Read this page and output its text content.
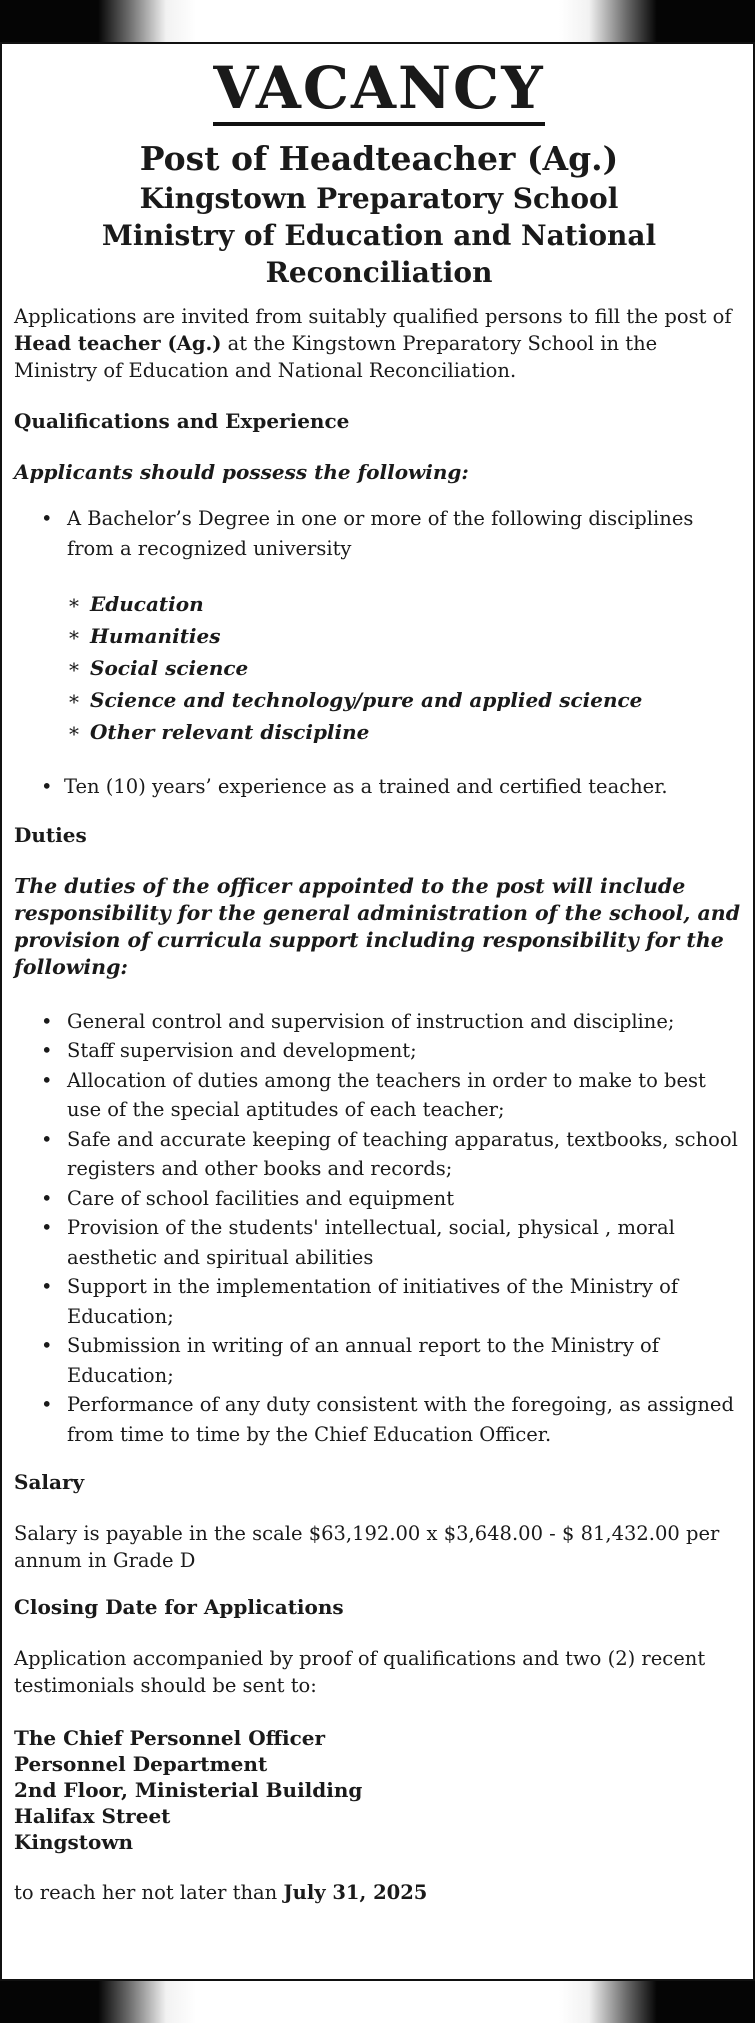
VACANCY
Post of Headteacher (Ag.)
Kingstown Preparatory School
Ministry of Education and National
Reconciliation

Applications are invited from suitably qualified persons to fill the post of Head teacher (Ag.) at the Kingstown Preparatory School in the Ministry of Education and National Reconciliation.

Qualifications and Experience

Applicants should possess the following:

• A Bachelor’s Degree in one or more of the following disciplines from a recognized university
* Education
* Humanities
* Social science
* Science and technology/pure and applied science
* Other relevant discipline
• Ten (10) years’ experience as a trained and certified teacher.

Duties

The duties of the officer appointed to the post will include responsibility for the general administration of the school, and provision of curricula support including responsibility for the following:

• General control and supervision of instruction and discipline;
• Staff supervision and development;
• Allocation of duties among the teachers in order to make to best use of the special aptitudes of each teacher;
• Safe and accurate keeping of teaching apparatus, textbooks, school registers and other books and records;
• Care of school facilities and equipment
• Provision of the students' intellectual, social, physical , moral aesthetic and spiritual abilities
• Support in the implementation of initiatives of the Ministry of Education;
• Submission in writing of an annual report to the Ministry of Education;
• Performance of any duty consistent with the foregoing, as assigned from time to time by the Chief Education Officer.

Salary

Salary is payable in the scale $63,192.00 x $3,648.00 - $ 81,432.00 per annum in Grade D

Closing Date for Applications

Application accompanied by proof of qualifications and two (2) recent testimonials should be sent to:

The Chief Personnel Officer

Personnel Department

2nd Floor, Ministerial Building

Halifax Street

Kingstown

to reach her not later than July 31, 2025
